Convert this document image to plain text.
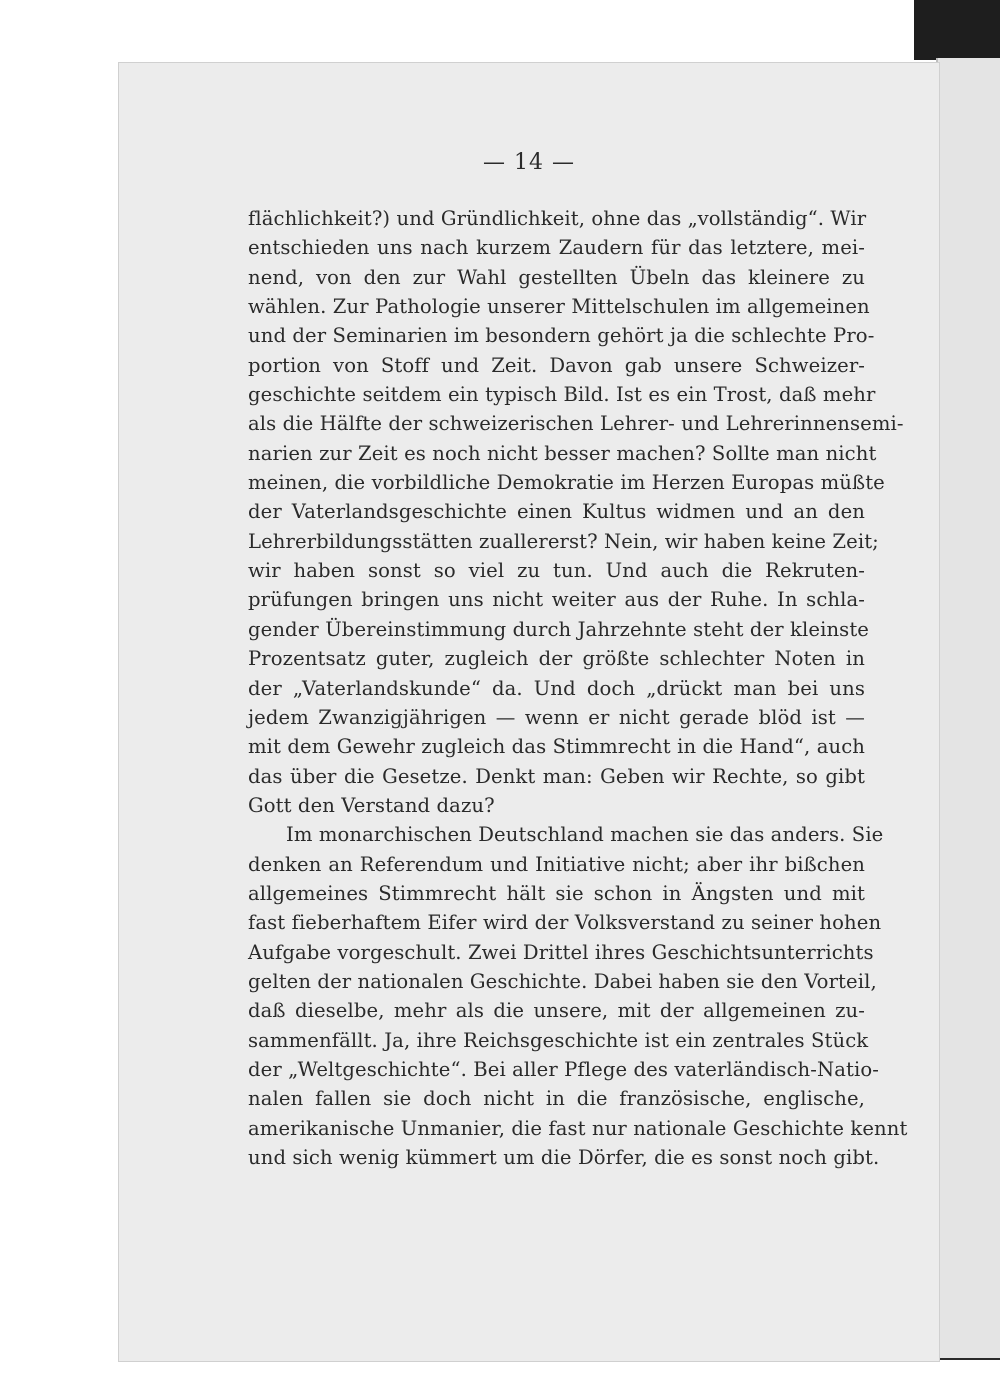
— 14 —
flächlichkeit?) und Gründlichkeit, ohne das „vollständig“. Wir
entschieden uns nach kurzem Zaudern für das letztere, mei-
nend, von den zur Wahl gestellten Übeln das kleinere zu
wählen. Zur Pathologie unserer Mittelschulen im allgemeinen
und der Seminarien im besondern gehört ja die schlechte Pro-
portion von Stoff und Zeit. Davon gab unsere Schweizer-
geschichte seitdem ein typisch Bild. Ist es ein Trost, daß mehr
als die Hälfte der schweizerischen Lehrer- und Lehrerinnensemi-
narien zur Zeit es noch nicht besser machen? Sollte man nicht
meinen, die vorbildliche Demokratie im Herzen Europas müßte
der Vaterlandsgeschichte einen Kultus widmen und an den
Lehrerbildungsstätten zuallererst? Nein, wir haben keine Zeit;
wir haben sonst so viel zu tun. Und auch die Rekruten-
prüfungen bringen uns nicht weiter aus der Ruhe. In schla-
gender Übereinstimmung durch Jahrzehnte steht der kleinste
Prozentsatz guter, zugleich der größte schlechter Noten in
der „Vaterlandskunde“ da. Und doch „drückt man bei uns
jedem Zwanzigjährigen — wenn er nicht gerade blöd ist —
mit dem Gewehr zugleich das Stimmrecht in die Hand“, auch
das über die Gesetze. Denkt man: Geben wir Rechte, so gibt
Gott den Verstand dazu?
Im monarchischen Deutschland machen sie das anders. Sie
denken an Referendum und Initiative nicht; aber ihr bißchen
allgemeines Stimmrecht hält sie schon in Ängsten und mit
fast fieberhaftem Eifer wird der Volksverstand zu seiner hohen
Aufgabe vorgeschult. Zwei Drittel ihres Geschichtsunterrichts
gelten der nationalen Geschichte. Dabei haben sie den Vorteil,
daß dieselbe, mehr als die unsere, mit der allgemeinen zu-
sammenfällt. Ja, ihre Reichsgeschichte ist ein zentrales Stück
der „Weltgeschichte“. Bei aller Pflege des vaterländisch-Natio-
nalen fallen sie doch nicht in die französische, englische,
amerikanische Unmanier, die fast nur nationale Geschichte kennt
und sich wenig kümmert um die Dörfer, die es sonst noch gibt.
